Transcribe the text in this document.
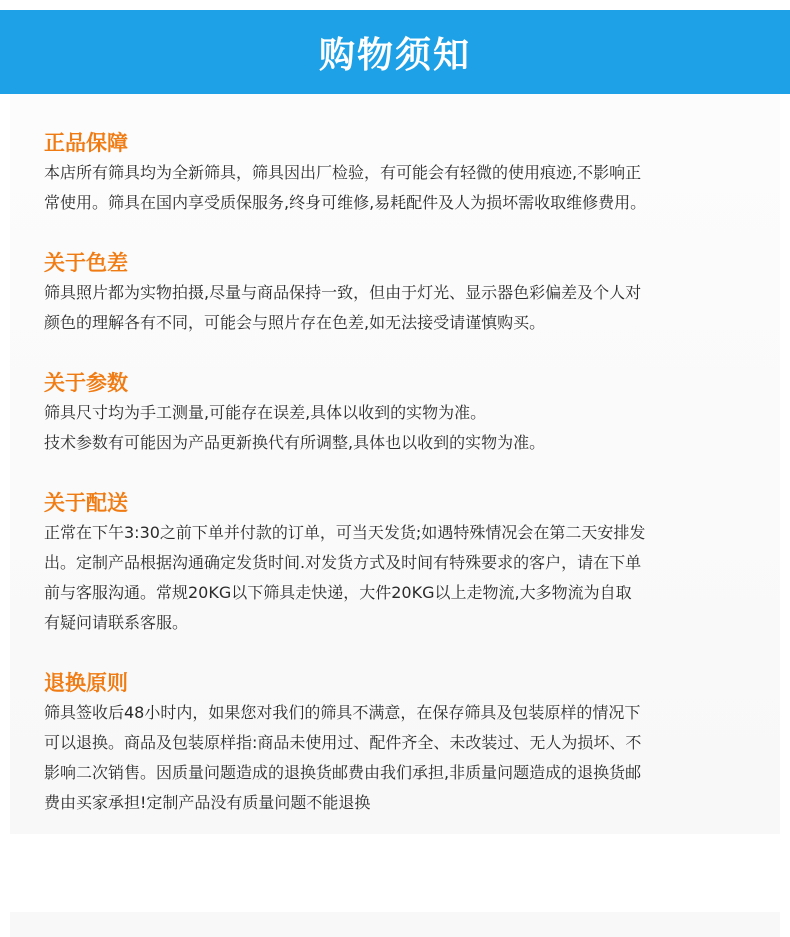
购物须知
正品保障
本店所有筛具均为全新筛具，筛具因出厂检验，有可能会有轻微的使用痕迹,不影响正
常使用。筛具在国内享受质保服务,终身可维修,易耗配件及人为损坏需收取维修费用。
关于色差
筛具照片都为实物拍摄,尽量与商品保持一致，但由于灯光、显示器色彩偏差及个人对
颜色的理解各有不同，可能会与照片存在色差,如无法接受请谨慎购买。
关于参数
筛具尺寸均为手工测量,可能存在误差,具体以收到的实物为准。
技术参数有可能因为产品更新换代有所调整,具体也以收到的实物为准。
关于配送
正常在下午3:30之前下单并付款的订单，可当天发货;如遇特殊情况会在第二天安排发
出。定制产品根据沟通确定发货时间.对发货方式及时间有特殊要求的客户，请在下单
前与客服沟通。常规20KG以下筛具走快递，大件20KG以上走物流,大多物流为自取
有疑问请联系客服。
退换原则
筛具签收后48小时内，如果您对我们的筛具不满意，在保存筛具及包装原样的情况下
可以退换。商品及包装原样指:商品未使用过、配件齐全、未改装过、无人为损坏、不
影响二次销售。因质量问题造成的退换货邮费由我们承担,非质量问题造成的退换货邮
费由买家承担!定制产品没有质量问题不能退换
